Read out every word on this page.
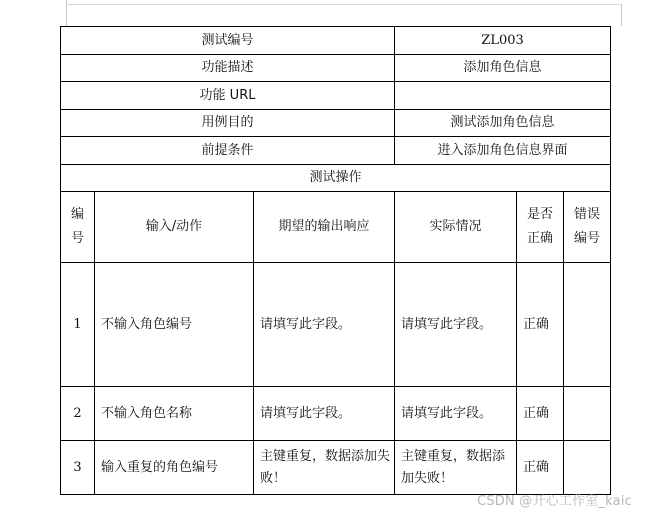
测试编号			ZL003		
功能描述			添加角色信息		
功能 URL					
用例目的			测试添加角色信息		
前提条件			进入添加角色信息界面		
测试操作					
编号	输入/动作	期望的输出响应	实际情况	是否正确	错误编号
1	不输入角色编号	请填写此字段。	请填写此字段。	正确	
2	不输入角色名称	请填写此字段。	请填写此字段。	正确	
3	输入重复的角色编号	主键重复，数据添加失败！	主键重复，数据添加失败！	正确	
CSDN @开心工作室_kaic
